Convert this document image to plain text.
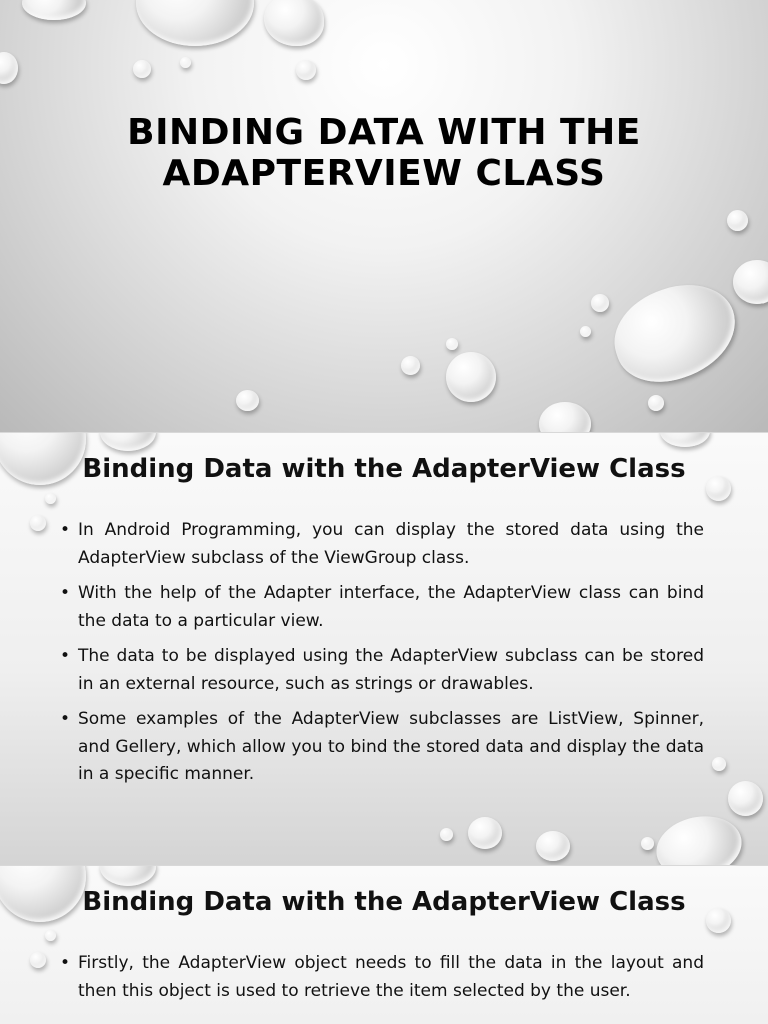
BINDING DATA WITH THE ADAPTERVIEW CLASS
Binding Data with the AdapterView Class
• In Android Programming, you can display the stored data using the AdapterView subclass of the ViewGroup class.
• With the help of the Adapter interface, the AdapterView class can bind the data to a particular view.
• The data to be displayed using the AdapterView subclass can be stored in an external resource, such as strings or drawables.
• Some examples of the AdapterView subclasses are ListView, Spinner, and Gellery, which allow you to bind the stored data and display the data in a specific manner.
Binding Data with the AdapterView Class
• Firstly, the AdapterView object needs to fill the data in the layout and then this object is used to retrieve the item selected by the user.
